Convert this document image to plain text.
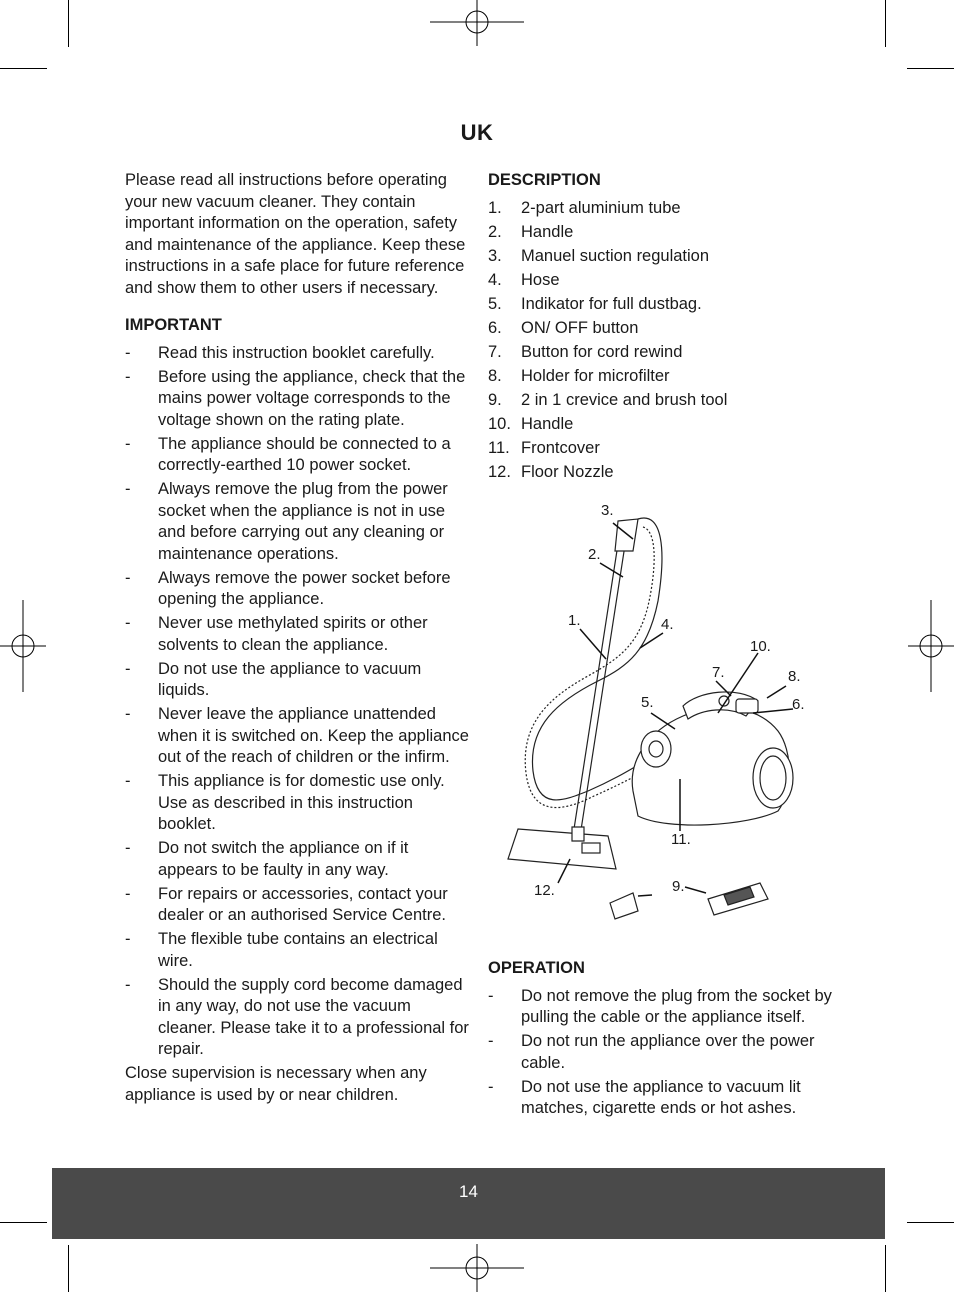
UK

Please read all instructions before operating your new vacuum cleaner. They contain important information on the operation, safety and maintenance of the appliance. Keep these instructions in a safe place for future reference and show them to other users if necessary.

IMPORTANT
- Read this instruction booklet carefully.
- Before using the appliance, check that the mains power voltage corresponds to the voltage shown on the rating plate.
- The appliance should be connected to a correctly-earthed 10 power socket.
- Always remove the plug from the power socket when the appliance is not in use and before carrying out any cleaning or maintenance operations.
- Always remove the power socket before opening the appliance.
- Never use methylated spirits or other solvents to clean the appliance.
- Do not use the appliance to vacuum liquids.
- Never leave the appliance unattended when it is switched on. Keep the appliance out of the reach of children or the infirm.
- This appliance is for domestic use only. Use as described in this instruction booklet.
- Do not switch the appliance on if it appears to be faulty in any way.
- For repairs or accessories, contact your dealer or an authorised Service Centre.
- The flexible tube contains an electrical wire.
- Should the supply cord become damaged in any way, do not use the vacuum cleaner. Please take it to a professional for repair.

Close supervision is necessary when any appliance is used by or near children.

DESCRIPTION
1. 2-part aluminium tube
2. Handle
3. Manuel suction regulation
4. Hose
5. Indikator for full dustbag.
6. ON/ OFF button
7. Button for cord rewind
8. Holder for microfilter
9. 2 in 1 crevice and brush tool
10. Handle
11. Frontcover
12. Floor Nozzle
1.
2.
3.
4.
5.	6.
7.	8.
9.
10.
11.
12.
OPERATION
- Do not remove the plug from the socket by pulling the cable or the appliance itself.
- Do not run the appliance over the power cable.
- Do not use the appliance to vacuum lit matches, cigarette ends or hot ashes.
14
